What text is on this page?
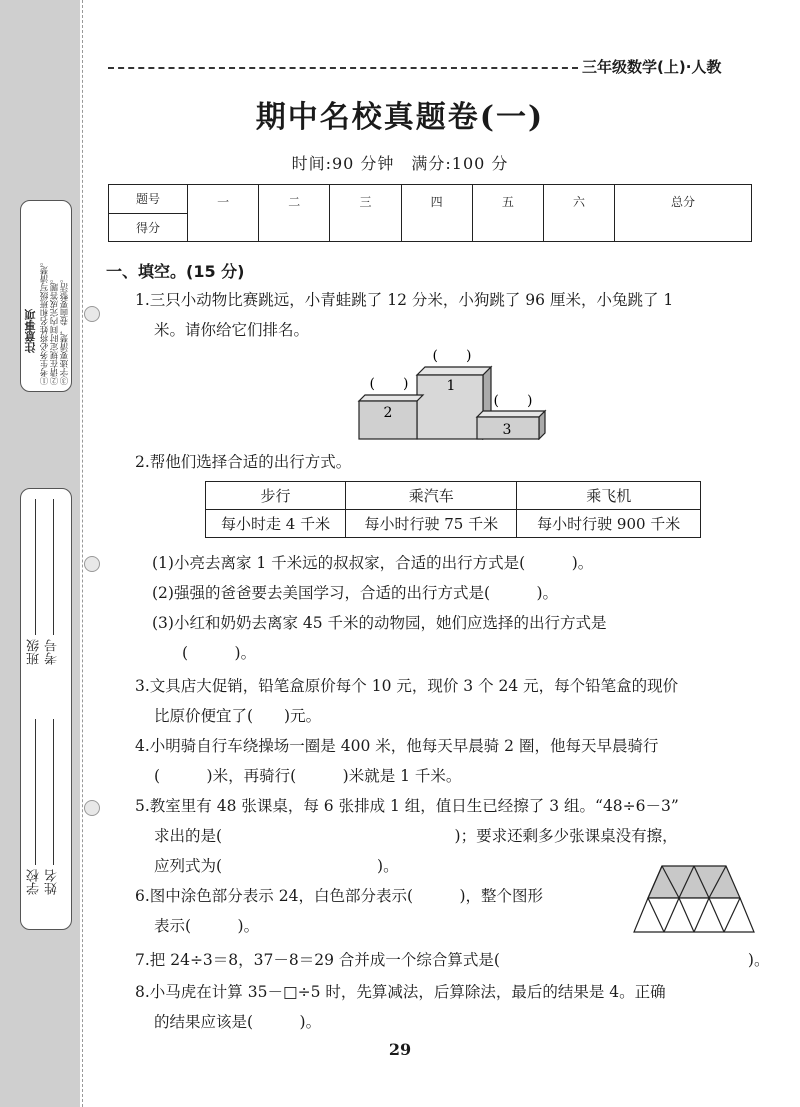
注意事项 ①考生务必将姓名和班级写清楚。 ②请在规定时间内完成答题。 ③字迹要清楚，卷面要整洁。
班级 考号
学校 姓名
三年级数学(上)·人教
期中名校真题卷(一)
时间:90 分钟　满分:100 分
题号	一	二	三	四	五	六	总分
得分
一、填空。(15 分)
1.三只小动物比赛跳远，小青蛙跳了 12 分米，小狗跳了 96 厘米，小兔跳了 1
米。请你给它们排名。
1
2
3
(　　)
(　　)
(　　)
2.帮他们选择合适的出行方式。
步行	乘汽车	乘飞机
每小时走 4 千米	每小时行驶 75 千米	每小时行驶 900 千米
(1)小亮去离家 1 千米远的叔叔家，合适的出行方式是(　　　)。
(2)强强的爸爸要去美国学习，合适的出行方式是(　　　)。
(3)小红和奶奶去离家 45 千米的动物园，她们应选择的出行方式是
(　　　)。
3.文具店大促销，铅笔盒原价每个 10 元，现价 3 个 24 元，每个铅笔盒的现价
比原价便宜了(　　)元。
4.小明骑自行车绕操场一圈是 400 米，他每天早晨骑 2 圈，他每天早晨骑行
(　　　)米，再骑行(　　　)米就是 1 千米。
5.教室里有 48 张课桌，每 6 张排成 1 组，值日生已经擦了 3 组。“48÷6－3”
求出的是(　　　　　　　　　　　　　　　)；要求还剩多少张课桌没有擦，
应列式为(　　　　　　　　　　)。
6.图中涂色部分表示 24，白色部分表示(　　　)，整个图形
表示(　　　)。
7.把 24÷3＝8，37－8＝29 合并成一个综合算式是(　　　　　　　　　　　　　　　　)。
8.小马虎在计算 35－□÷5 时，先算减法，后算除法，最后的结果是 4。正确
的结果应该是(　　　)。
29
